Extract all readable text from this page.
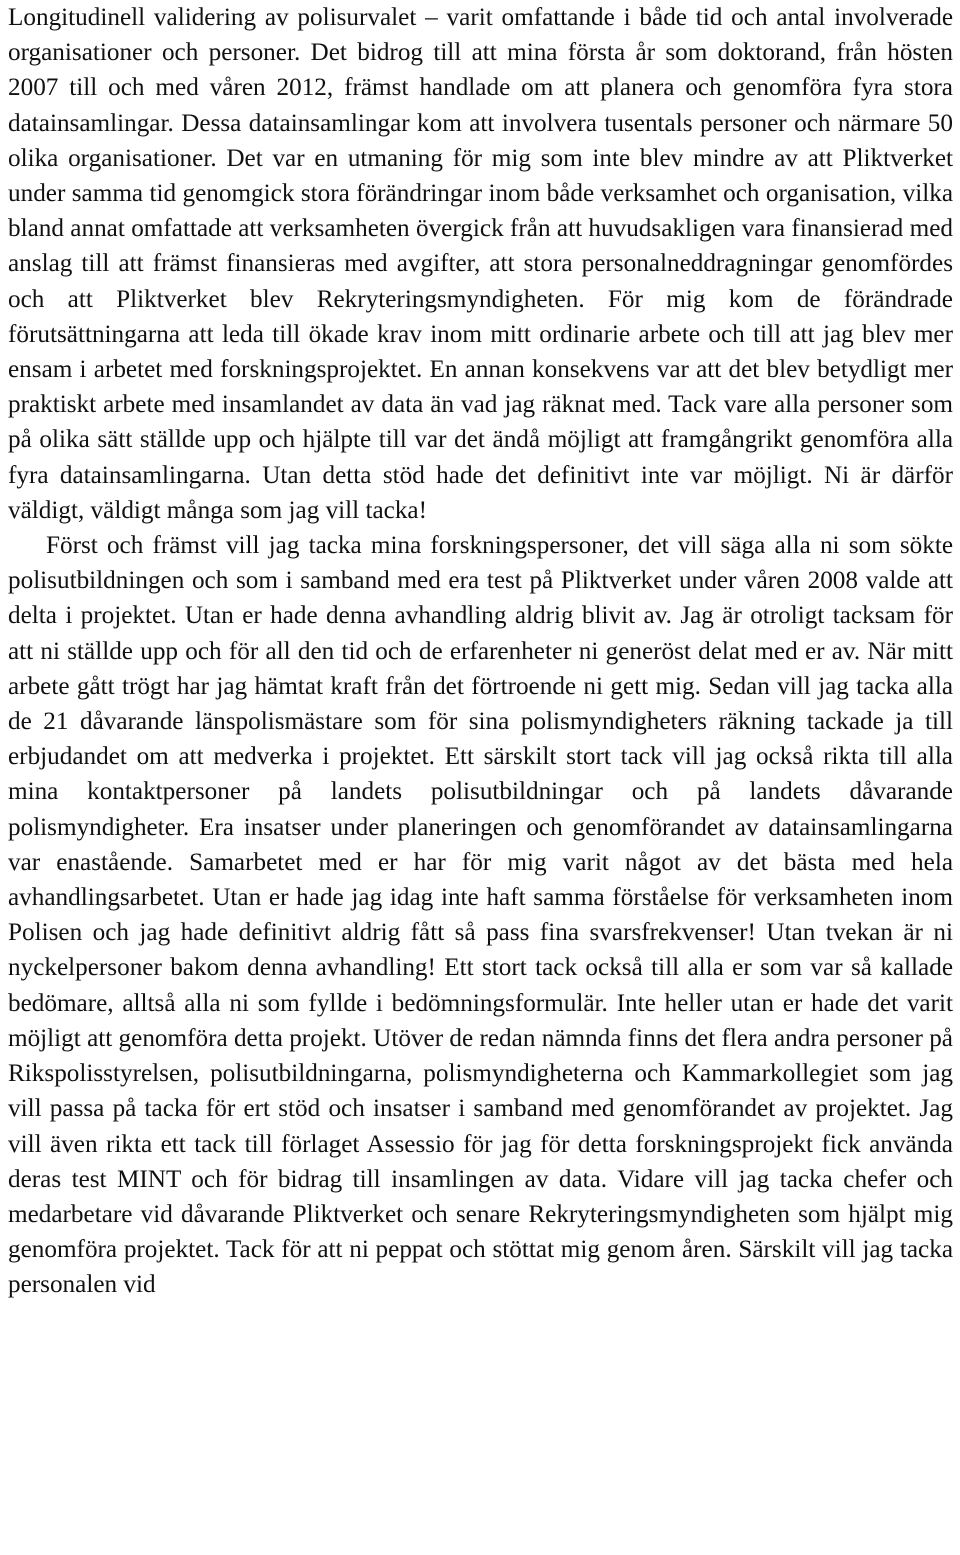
Longitudinell validering av polisurvalet – varit omfattande i både tid och antal involverade organisationer och personer. Det bidrog till att mina första år som doktorand, från hösten 2007 till och med våren 2012, främst handlade om att planera och genomföra fyra stora datainsamlingar. Dessa datainsamlingar kom att involvera tusentals personer och närmare 50 olika organisationer. Det var en utmaning för mig som inte blev mindre av att Pliktverket under samma tid genomgick stora förändringar inom både verksamhet och organisation, vilka bland annat omfattade att verksamheten övergick från att huvudsakligen vara finansierad med anslag till att främst finansieras med avgifter, att stora personalneddragningar genomfördes och att Pliktverket blev Rekryteringsmyndigheten. För mig kom de förändrade förutsättningarna att leda till ökade krav inom mitt ordinarie arbete och till att jag blev mer ensam i arbetet med forskningsprojektet. En annan konsekvens var att det blev betydligt mer praktiskt arbete med insamlandet av data än vad jag räknat med. Tack vare alla personer som på olika sätt ställde upp och hjälpte till var det ändå möjligt att framgångrikt genomföra alla fyra datainsamlingarna. Utan detta stöd hade det definitivt inte var möjligt. Ni är därför väldigt, väldigt många som jag vill tacka!

Först och främst vill jag tacka mina forskningspersoner, det vill säga alla ni som sökte polisutbildningen och som i samband med era test på Pliktverket under våren 2008 valde att delta i projektet. Utan er hade denna avhandling aldrig blivit av. Jag är otroligt tacksam för att ni ställde upp och för all den tid och de erfarenheter ni generöst delat med er av. När mitt arbete gått trögt har jag hämtat kraft från det förtroende ni gett mig. Sedan vill jag tacka alla de 21 dåvarande länspolismästare som för sina polismyndigheters räkning tackade ja till erbjudandet om att medverka i projektet. Ett särskilt stort tack vill jag också rikta till alla mina kontaktpersoner på landets polisutbildningar och på landets dåvarande polismyndigheter. Era insatser under planeringen och genomförandet av datainsamlingarna var enastående. Samarbetet med er har för mig varit något av det bästa med hela avhandlingsarbetet. Utan er hade jag idag inte haft samma förståelse för verksamheten inom Polisen och jag hade definitivt aldrig fått så pass fina svarsfrekvenser! Utan tvekan är ni nyckelpersoner bakom denna avhandling! Ett stort tack också till alla er som var så kallade bedömare, alltså alla ni som fyllde i bedömningsformulär. Inte heller utan er hade det varit möjligt att genomföra detta projekt. Utöver de redan nämnda finns det flera andra personer på Rikspolisstyrelsen, polisutbildningarna, polismyndigheterna och Kammarkollegiet som jag vill passa på tacka för ert stöd och insatser i samband med genomförandet av projektet. Jag vill även rikta ett tack till förlaget Assessio för jag för detta forskningsprojekt fick använda deras test MINT och för bidrag till insamlingen av data. Vidare vill jag tacka chefer och medarbetare vid dåvarande Pliktverket och senare Rekryteringsmyndigheten som hjälpt mig genomföra projektet. Tack för att ni peppat och stöttat mig genom åren. Särskilt vill jag tacka personalen vid
